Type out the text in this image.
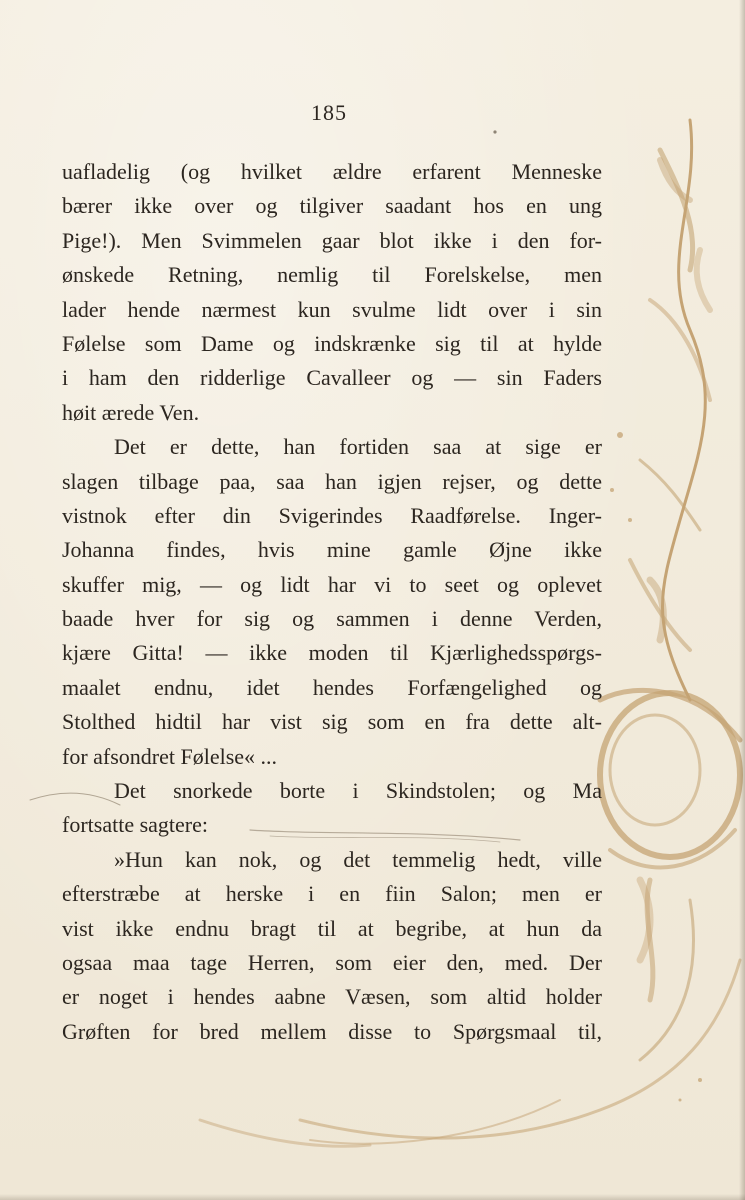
185
uafladelig (og hvilket ældre erfarent Menneske
bærer ikke over og tilgiver saadant hos en ung
Pige!). Men Svimmelen gaar blot ikke i den for-
ønskede Retning, nemlig til Forelskelse, men
lader hende nærmest kun svulme lidt over i sin
Følelse som Dame og indskrænke sig til at hylde
i ham den ridderlige Cavalleer og — sin Faders
høit ærede Ven.
Det er dette, han fortiden saa at sige er
slagen tilbage paa, saa han igjen rejser, og dette
vistnok efter din Svigerindes Raadførelse. Inger-
Johanna findes, hvis mine gamle Øjne ikke
skuffer mig, — og lidt har vi to seet og oplevet
baade hver for sig og sammen i denne Verden,
kjære Gitta! — ikke moden til Kjærlighedsspørgs-
maalet endnu, idet hendes Forfængelighed og
Stolthed hidtil har vist sig som en fra dette alt-
for afsondret Følelse« ...
Det snorkede borte i Skindstolen; og Ma
fortsatte sagtere:
»Hun kan nok, og det temmelig hedt, ville
efterstræbe at herske i en fiin Salon; men er
vist ikke endnu bragt til at begribe, at hun da
ogsaa maa tage Herren, som eier den, med. Der
er noget i hendes aabne Væsen, som altid holder
Grøften for bred mellem disse to Spørgsmaal til,
